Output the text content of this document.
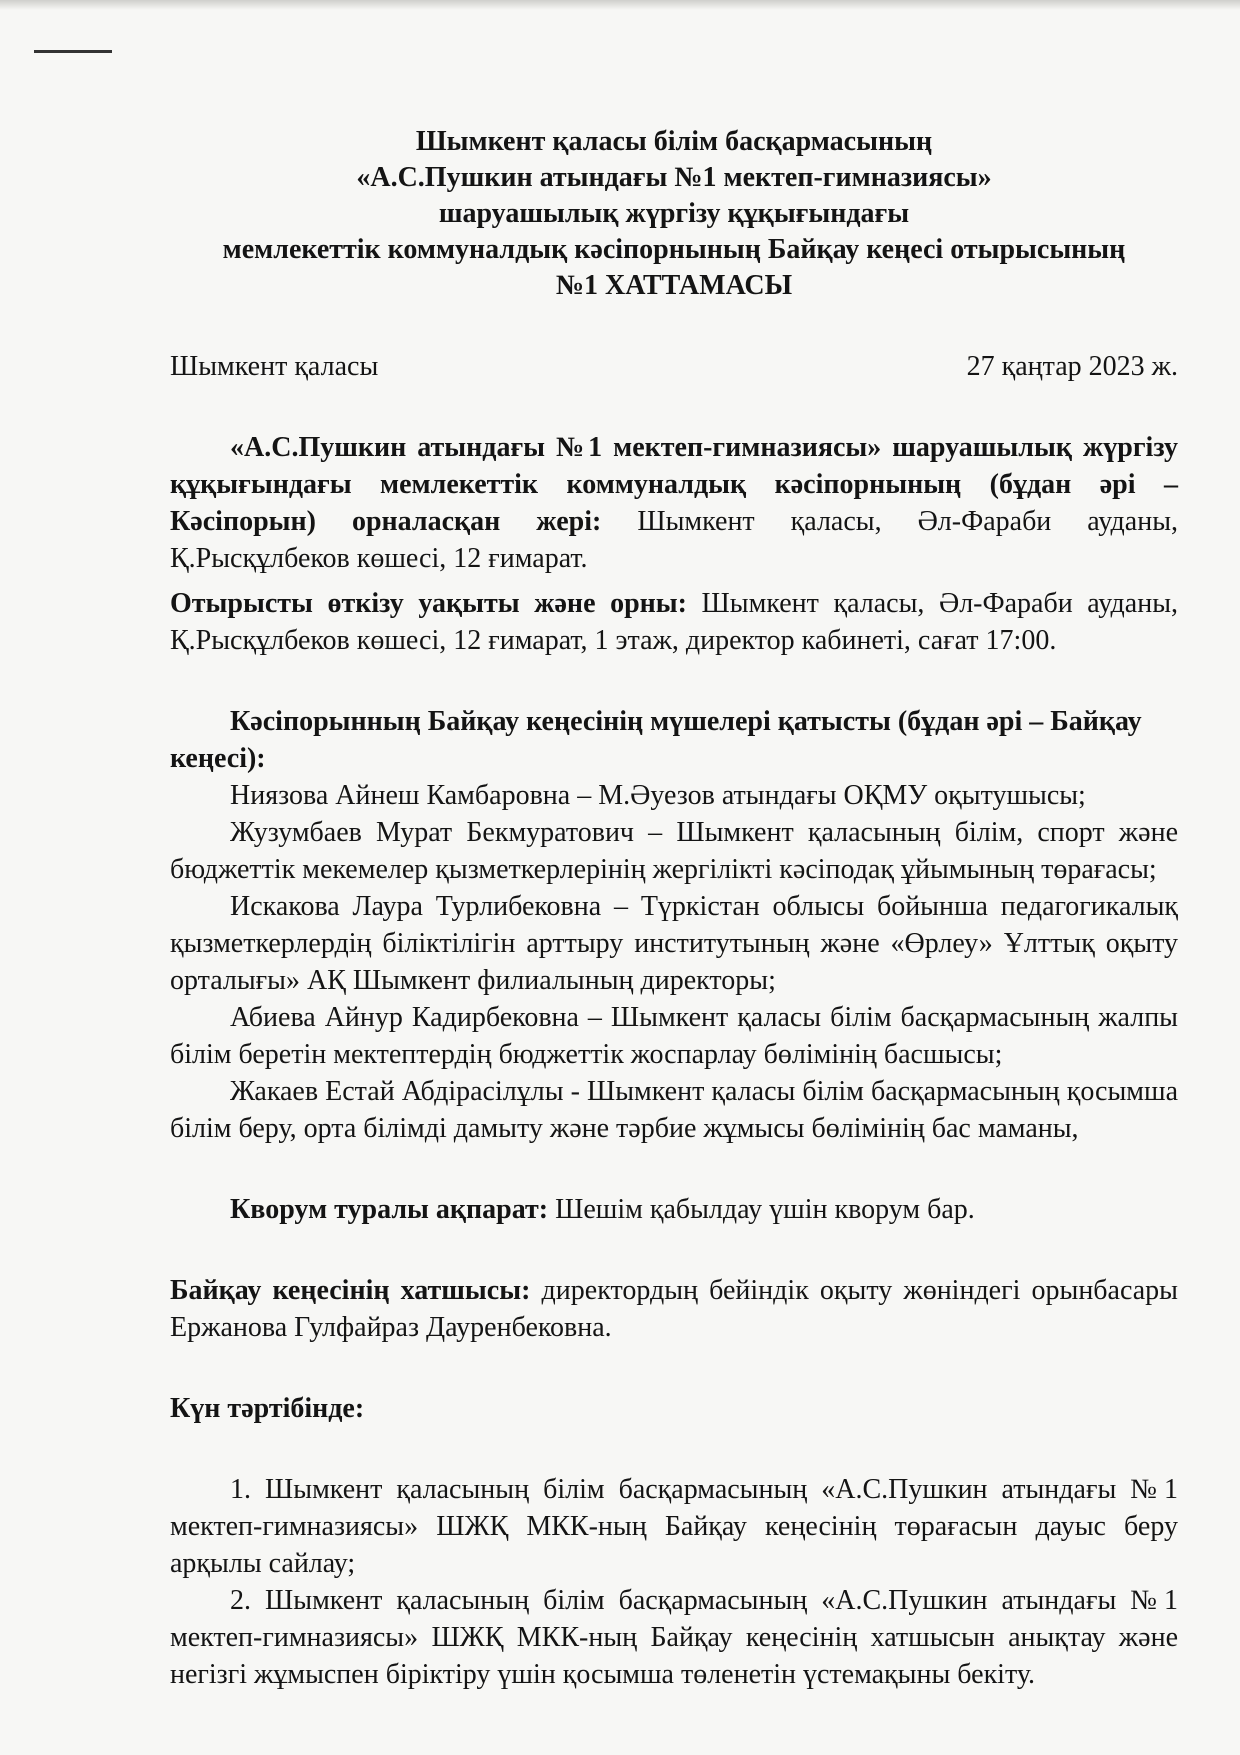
Шымкент қаласы білім басқармасының
«А.С.Пушкин атындағы №1 мектеп-гимназиясы»
шаруашылық жүргізу құқығындағы
мемлекеттік коммуналдық кәсіпорнының Байқау кеңесі отырысының
№1 ХАТТАМАСЫ
Шымкент қаласы	27 қаңтар 2023 ж.

«А.С.Пушкин атындағы №1 мектеп-гимназиясы» шаруашылық жүргізу құқығындағы мемлекеттік коммуналдық кәсіпорнының (бұдан әрі – Кәсіпорын) орналасқан жері: Шымкент қаласы, Әл-Фараби ауданы, Қ.Рысқұлбеков көшесі, 12 ғимарат.

Отырысты өткізу уақыты және орны: Шымкент қаласы, Әл-Фараби ауданы, Қ.Рысқұлбеков көшесі, 12 ғимарат, 1 этаж, директор кабинеті, сағат 17:00.

Кәсіпорынның Байқау кеңесінің мүшелері қатысты (бұдан әрі – Байқау кеңесі):

Ниязова Айнеш Камбаровна – М.Әуезов атындағы ОҚМУ оқытушысы;

Жузумбаев Мурат Бекмуратович – Шымкент қаласының білім, спорт және бюджеттік мекемелер қызметкерлерінің жергілікті кәсіподақ ұйымының төрағасы;

Искакова Лаура Турлибековна – Түркістан облысы бойынша педагогикалық қызметкерлердің біліктілігін арттыру институтының және «Өрлеу» Ұлттық оқыту орталығы» АҚ Шымкент филиалының директоры;

Абиева Айнур Кадирбековна – Шымкент қаласы білім басқармасының жалпы білім беретін мектептердің бюджеттік жоспарлау бөлімінің басшысы;

Жакаев Естай Абдірасілұлы - Шымкент қаласы білім басқармасының қосымша білім беру, орта білімді дамыту және тәрбие жұмысы бөлімінің бас маманы,

Кворум туралы ақпарат: Шешім қабылдау үшін кворум бар.

Байқау кеңесінің хатшысы: директордың бейіндік оқыту жөніндегі орынбасары Ержанова Гулфайраз Дауренбековна.

Күн тәртібінде:

1. Шымкент қаласының білім басқармасының «А.С.Пушкин атындағы №1 мектеп-гимназиясы» ШЖҚ МКК-ның Байқау кеңесінің төрағасын дауыс беру арқылы сайлау;

2. Шымкент қаласының білім басқармасының «А.С.Пушкин атындағы №1 мектеп-гимназиясы» ШЖҚ МКК-ның Байқау кеңесінің хатшысын анықтау және негізгі жұмыспен біріктіру үшін қосымша төленетін үстемақыны бекіту.
